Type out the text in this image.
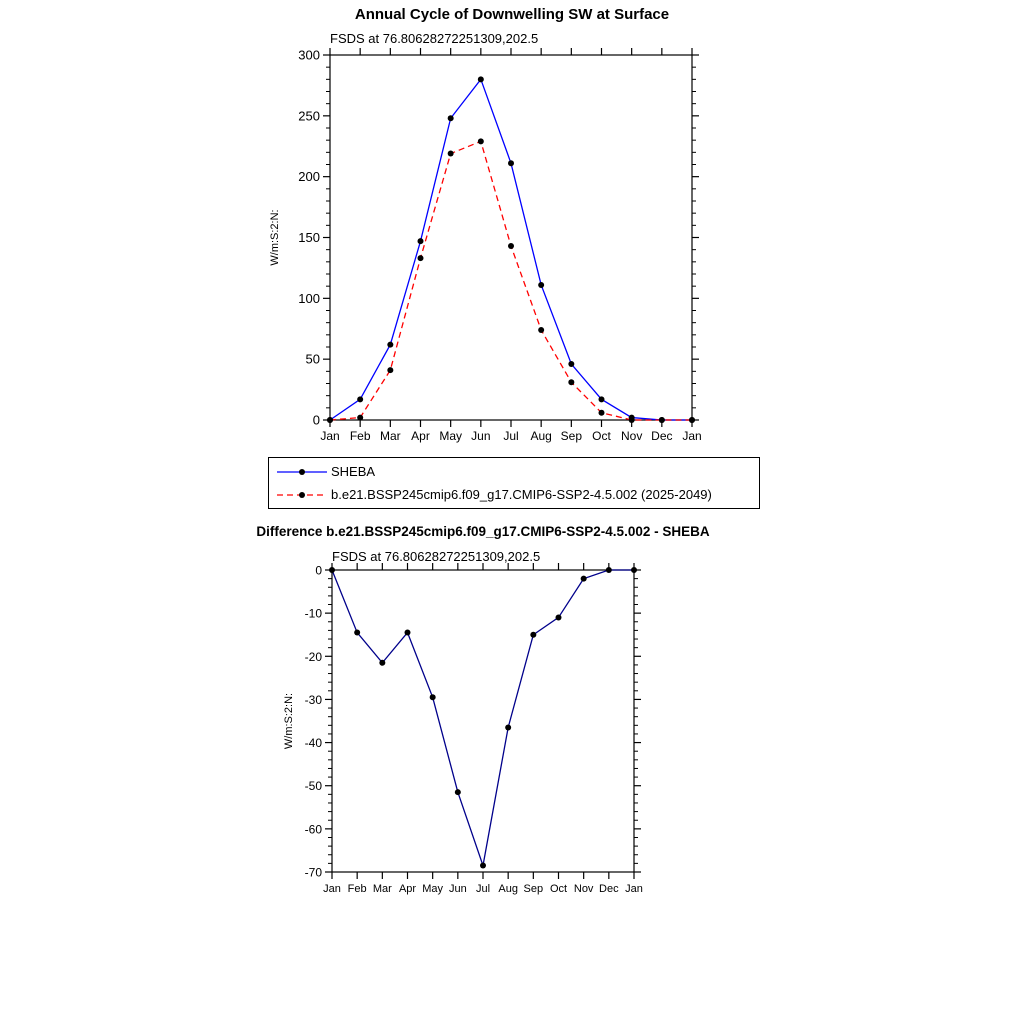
Annual Cycle of Downwelling SW at Surface
FSDS at 76.80628272251309,202.5
0
50
100
150
200
250
300
Jan Feb Mar Apr May Jun Jul Aug Sep Oct Nov Dec Jan
W/m:S:2:N:
SHEBA
b.e21.BSSP245cmip6.f09_g17.CMIP6-SSP2-4.5.002 (2025-2049)
Difference b.e21.BSSP245cmip6.f09_g17.CMIP6-SSP2-4.5.002 - SHEBA
FSDS at 76.80628272251309,202.5
0
-10
-20
-30
-40
-50
-60
-70
Jan Feb Mar Apr May Jun Jul Aug Sep Oct Nov Dec Jan
W/m:S:2:N:
